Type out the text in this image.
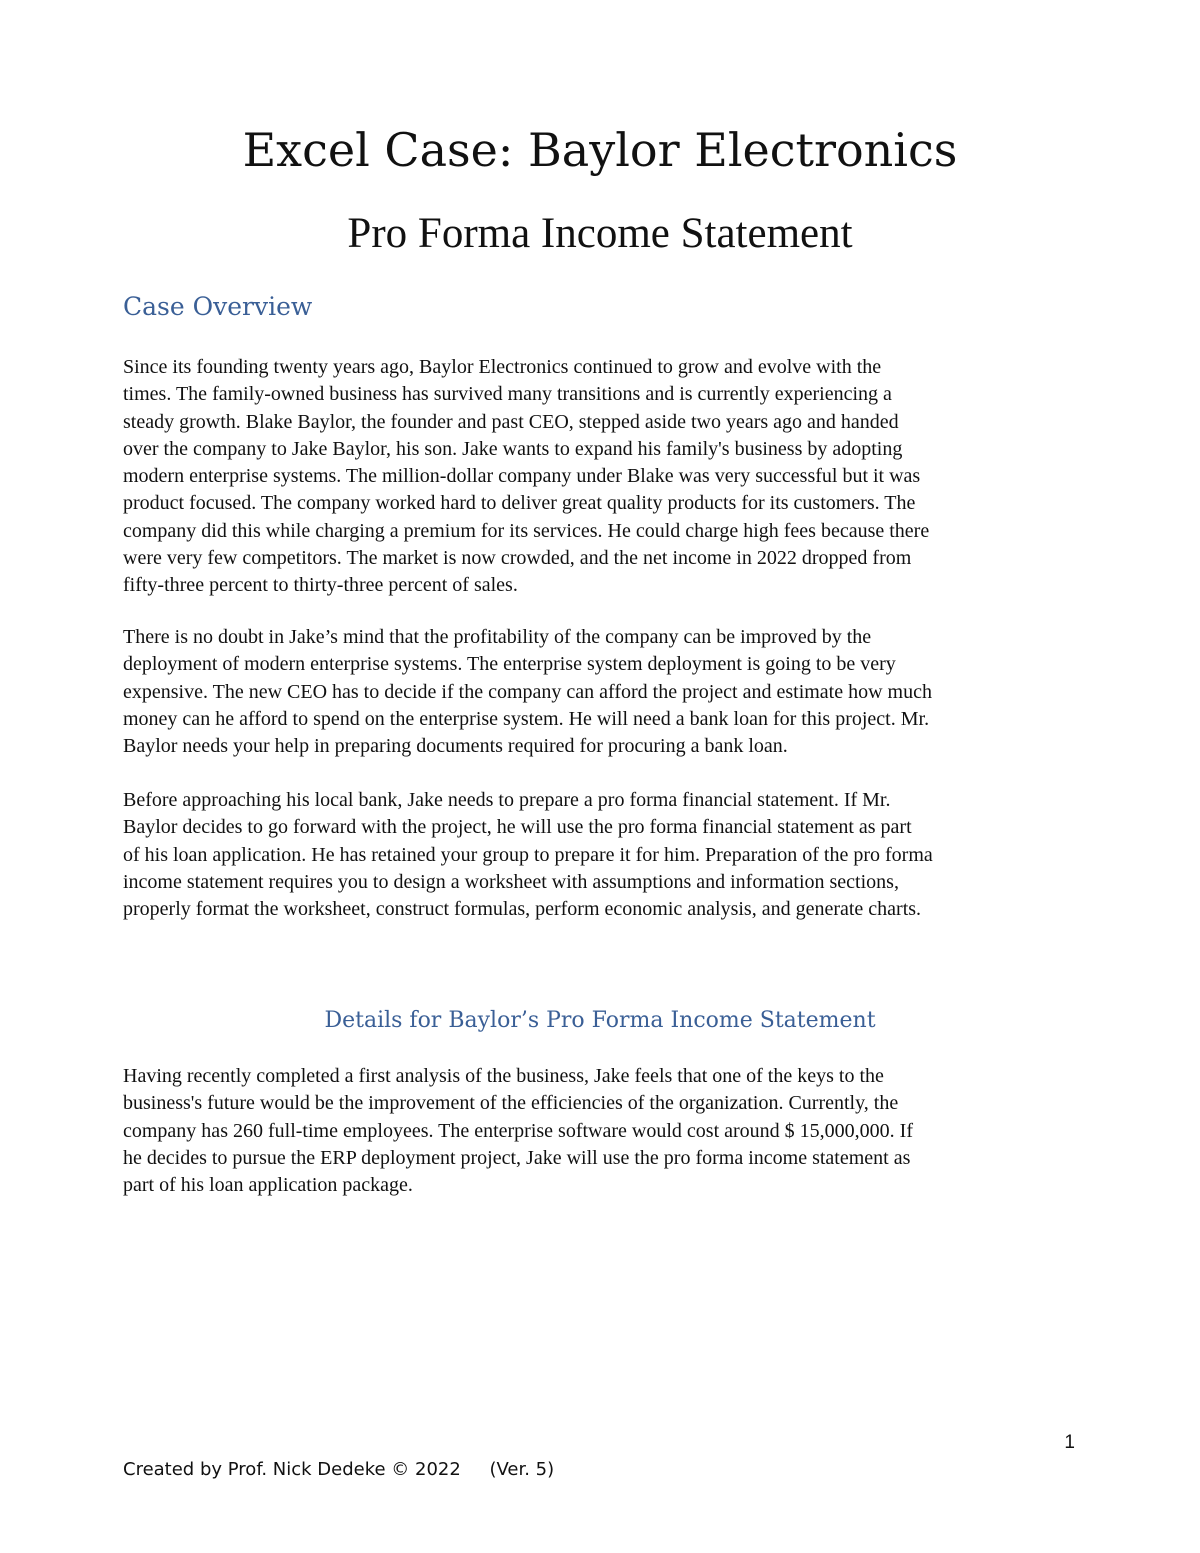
Excel Case: Baylor Electronics
Pro Forma Income Statement
Case Overview

Since its founding twenty years ago, Baylor Electronics continued to grow and evolve with the
times. The family-owned business has survived many transitions and is currently experiencing a
steady growth. Blake Baylor, the founder and past CEO, stepped aside two years ago and handed
over the company to Jake Baylor, his son. Jake wants to expand his family's business by adopting
modern enterprise systems. The million-dollar company under Blake was very successful but it was
product focused. The company worked hard to deliver great quality products for its customers. The
company did this while charging a premium for its services. He could charge high fees because there
were very few competitors. The market is now crowded, and the net income in 2022 dropped from
fifty-three percent to thirty-three percent of sales.

There is no doubt in Jake’s mind that the profitability of the company can be improved by the
deployment of modern enterprise systems. The enterprise system deployment is going to be very
expensive. The new CEO has to decide if the company can afford the project and estimate how much
money can he afford to spend on the enterprise system. He will need a bank loan for this project. Mr.
Baylor needs your help in preparing documents required for procuring a bank loan.

Before approaching his local bank, Jake needs to prepare a pro forma financial statement. If Mr.
Baylor decides to go forward with the project, he will use the pro forma financial statement as part
of his loan application. He has retained your group to prepare it for him. Preparation of the pro forma
income statement requires you to design a worksheet with assumptions and information sections,
properly format the worksheet, construct formulas, perform economic analysis, and generate charts.

Details for Baylor’s Pro Forma Income Statement

Having recently completed a first analysis of the business, Jake feels that one of the keys to the
business's future would be the improvement of the efficiencies of the organization. Currently, the
company has 260 full-time employees. The enterprise software would cost around $ 15,000,000. If
he decides to pursue the ERP deployment project, Jake will use the pro forma income statement as
part of his loan application package.

1
Created by Prof. Nick Dedeke © 2022     (Ver. 5)
